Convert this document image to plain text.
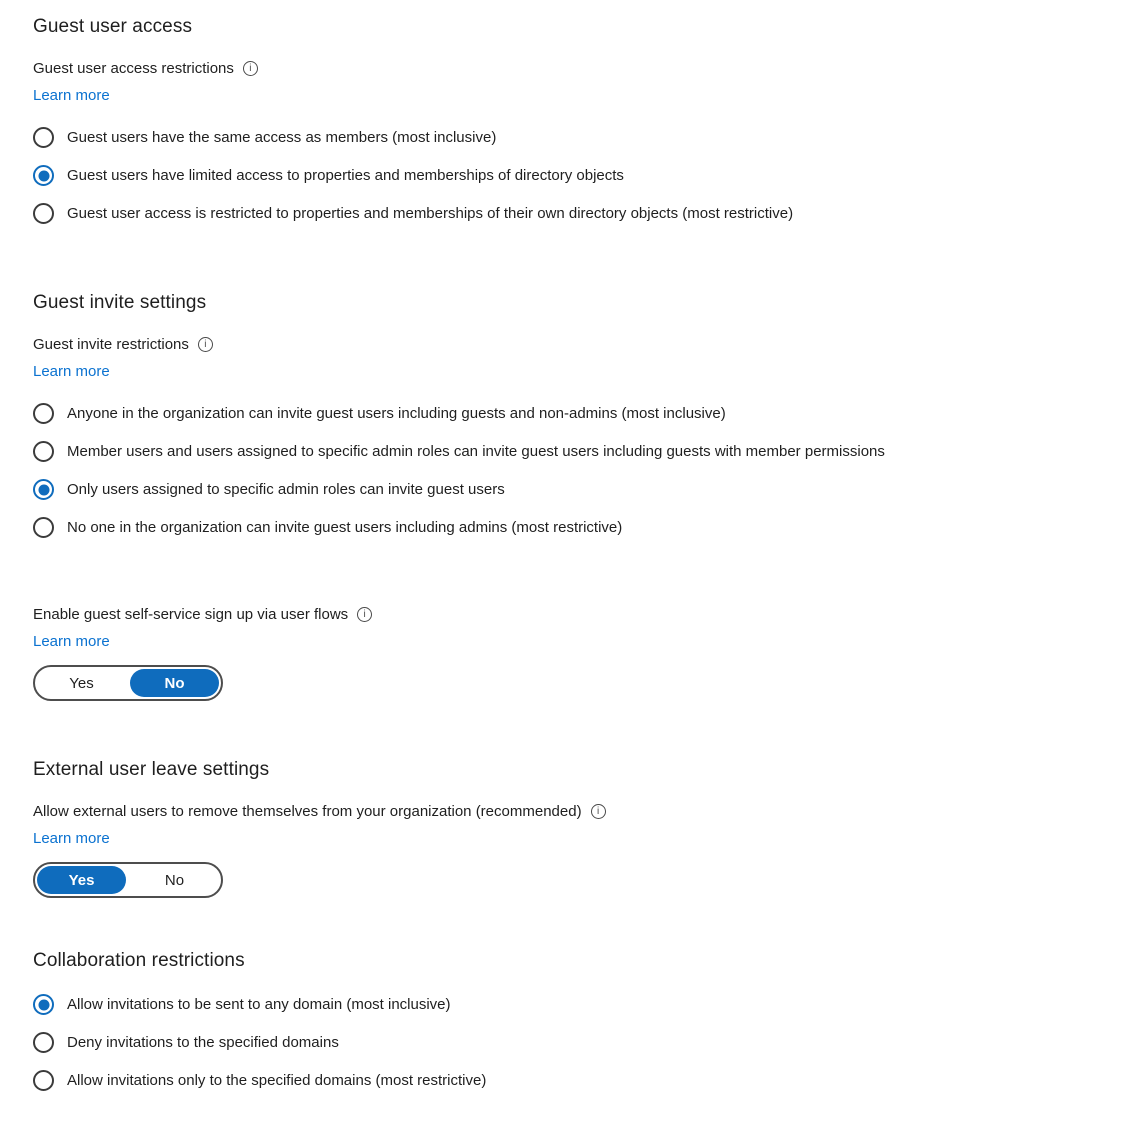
Guest user access
Guest user access restrictions	i
Learn more
Guest users have the same access as members (most inclusive)
Guest users have limited access to properties and memberships of directory objects
Guest user access is restricted to properties and memberships of their own directory objects (most restrictive)
Guest invite settings
Guest invite restrictions	i
Learn more
Anyone in the organization can invite guest users including guests and non-admins (most inclusive)
Member users and users assigned to specific admin roles can invite guest users including guests with member permissions
Only users assigned to specific admin roles can invite guest users
No one in the organization can invite guest users including admins (most restrictive)
Enable guest self-service sign up via user flows	i
Learn more
Yes	No
External user leave settings
Allow external users to remove themselves from your organization (recommended)	i
Learn more
Yes	No
Collaboration restrictions
Allow invitations to be sent to any domain (most inclusive)
Deny invitations to the specified domains
Allow invitations only to the specified domains (most restrictive)
